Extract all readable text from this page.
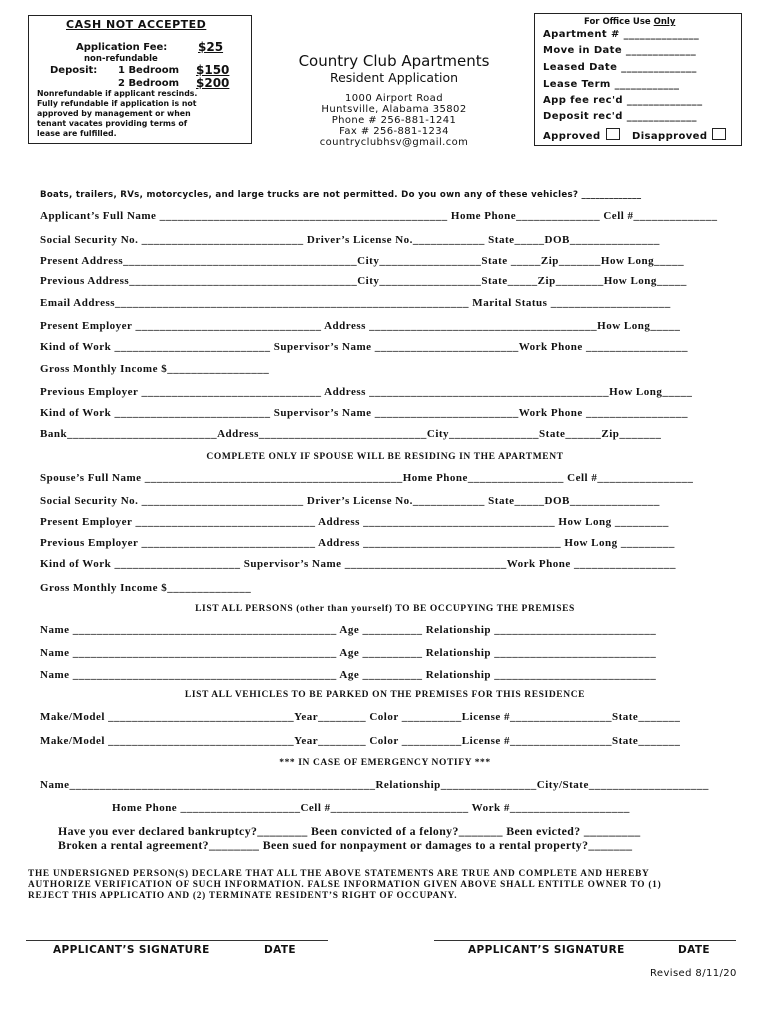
CASH NOT ACCEPTED
Application Fee:	$25
non-refundable
Deposit: 1 Bedroom $150
2 Bedroom $200
Nonrefundable if applicant rescinds.
Fully refundable if application is not
approved by management or when
tenant vacates providing terms of
lease are fulfilled.
Country Club Apartments
Resident Application
1000 Airport Road
Huntsville, Alabama 35802
Phone # 256-881-1241
Fax # 256-881-1234
countryclubhsv@gmail.com
For Office Use Only
Apartment # ______________
Move in Date _____________
Leased Date ______________
Lease Term ____________
App fee rec'd ______________
Deposit rec'd _____________
Approved	Disapproved
Boats, trailers, RVs, motorcycles, and large trucks are not permitted. Do you own any of these vehicles? _____________
Applicant’s Full Name ________________________________________________ Home Phone______________ Cell #______________
Social Security No. ___________________________ Driver’s License No.____________ State_____DOB_______________
Present Address_______________________________________City_________________State _____Zip_______How Long_____
Previous Address______________________________________City_________________State_____Zip________How Long_____
Email Address___________________________________________________________ Marital Status ____________________
Present Employer _______________________________ Address ______________________________________How Long_____
Kind of Work __________________________ Supervisor’s Name ________________________Work Phone _________________
Gross Monthly Income $_________________
Previous Employer ______________________________ Address ________________________________________How Long_____
Kind of Work __________________________ Supervisor’s Name ________________________Work Phone _________________
Bank_________________________Address____________________________City_______________State______Zip_______
COMPLETE ONLY IF SPOUSE WILL BE RESIDING IN THE APARTMENT
Spouse’s Full Name ___________________________________________Home Phone________________ Cell #________________
Social Security No. ___________________________ Driver’s License No.____________ State_____DOB_______________
Present Employer ______________________________ Address ________________________________ How Long _________
Previous Employer _____________________________ Address _________________________________ How Long _________
Kind of Work _____________________ Supervisor’s Name ___________________________Work Phone _________________
Gross Monthly Income $______________
LIST ALL PERSONS (other than yourself) TO BE OCCUPYING THE PREMISES
Name ____________________________________________ Age __________ Relationship ___________________________
Name ____________________________________________ Age __________ Relationship ___________________________
Name ____________________________________________ Age __________ Relationship ___________________________
LIST ALL VEHICLES TO BE PARKED ON THE PREMISES FOR THIS RESIDENCE
Make/Model _______________________________Year________ Color __________License #_________________State_______
Make/Model _______________________________Year________ Color __________License #_________________State_______
*** IN CASE OF EMERGENCY NOTIFY ***
Name___________________________________________________Relationship________________City/State____________________
Home Phone ____________________Cell #_______________________ Work #____________________
Have you ever declared bankruptcy?________ Been convicted of a felony?_______ Been evicted? _________
Broken a rental agreement?________ Been sued for nonpayment or damages to a rental property?_______
THE UNDERSIGNED PERSON(S) DECLARE THAT ALL THE ABOVE STATEMENTS ARE TRUE AND COMPLETE AND HEREBY
AUTHORIZE VERIFICATION OF SUCH INFORMATION. FALSE INFORMATION GIVEN ABOVE SHALL ENTITLE OWNER TO (1)
REJECT THIS APPLICATIO AND (2) TERMINATE RESIDENT’S RIGHT OF OCCUPANY.
APPLICANT’S SIGNATURE	DATE	APPLICANT’S SIGNATURE	DATE
Revised 8/11/20
